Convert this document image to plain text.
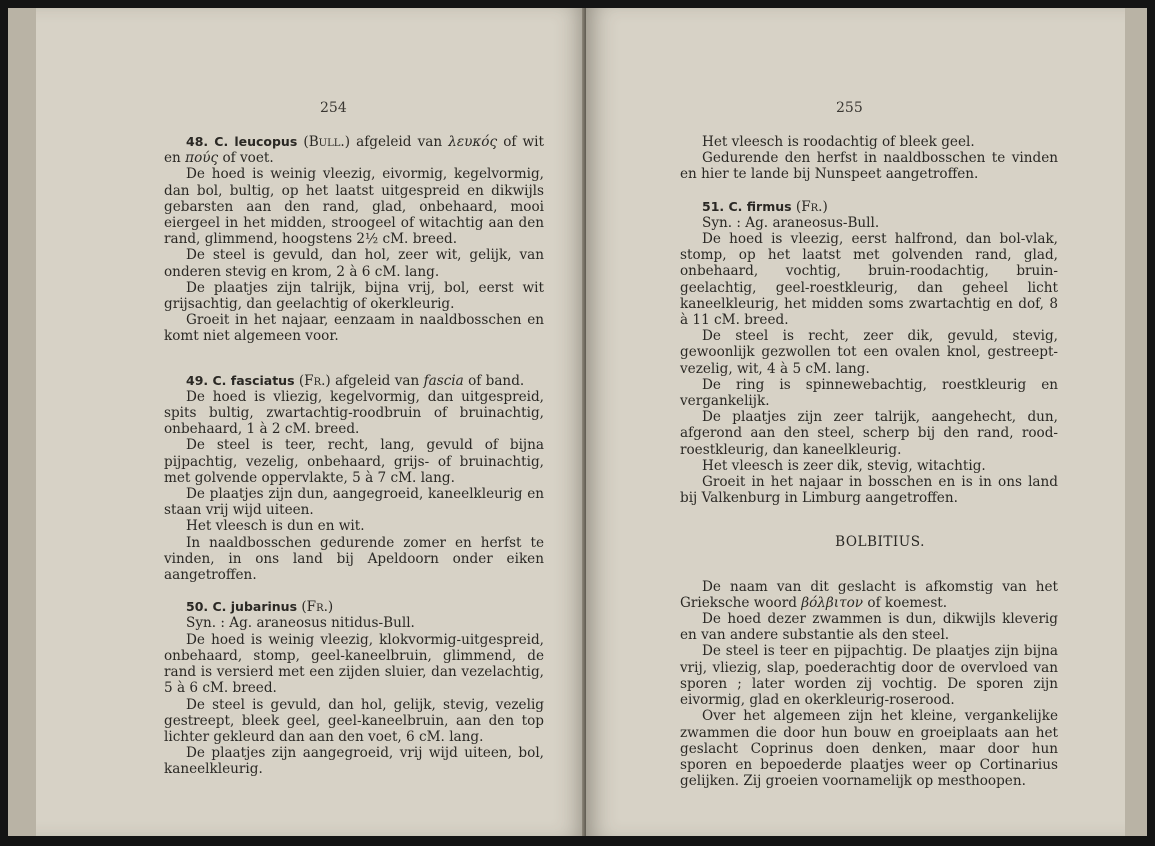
254

48. C. leucopus (Bull.) afgeleid van λευκός of wit en πούς of voet.

De hoed is weinig vleezig, eivormig, kegelvormig, dan bol, bultig, op het laatst uitgespreid en dikwijls gebarsten aan den rand, glad, onbehaard, mooi eiergeel in het midden, stroogeel of witachtig aan den rand, glimmend, hoogstens 2½ cM. breed.

De steel is gevuld, dan hol, zeer wit, gelijk, van onderen stevig en krom, 2 à 6 cM. lang.

De plaatjes zijn talrijk, bijna vrij, bol, eerst wit grijsachtig, dan geelachtig of okerkleurig.

Groeit in het najaar, eenzaam in naaldbosschen en komt niet algemeen voor.

49. C. fasciatus (Fr.) afgeleid van fascia of band.

De hoed is vliezig, kegelvormig, dan uitgespreid, spits bultig, zwartachtig-roodbruin of bruinachtig, onbehaard, 1 à 2 cM. breed.

De steel is teer, recht, lang, gevuld of bijna pijpachtig, vezelig, onbehaard, grijs- of bruinachtig, met golvende oppervlakte, 5 à 7 cM. lang.

De plaatjes zijn dun, aangegroeid, kaneelkleurig en staan vrij wijd uiteen.

Het vleesch is dun en wit.

In naaldbosschen gedurende zomer en herfst te vinden, in ons land bij Apeldoorn onder eiken aangetroffen.

50. C. jubarinus (Fr.)

Syn. : Ag. araneosus nitidus-Bull.

De hoed is weinig vleezig, klokvormig-uitgespreid, onbehaard, stomp, geel-kaneelbruin, glimmend, de rand is versierd met een zijden sluier, dan vezelachtig, 5 à 6 cM. breed.

De steel is gevuld, dan hol, gelijk, stevig, vezelig gestreept, bleek geel, geel-kaneelbruin, aan den top lichter gekleurd dan aan den voet, 6 cM. lang.

De plaatjes zijn aangegroeid, vrij wijd uiteen, bol, kaneelkleurig.

255

Het vleesch is roodachtig of bleek geel.

Gedurende den herfst in naaldbosschen te vinden en hier te lande bij Nunspeet aangetroffen.

51. C. firmus (Fr.)

Syn. : Ag. araneosus-Bull.

De hoed is vleezig, eerst halfrond, dan bol-vlak, stomp, op het laatst met golvenden rand, glad, onbehaard, vochtig, bruin-roodachtig, bruin-geelachtig, geel-roestkleurig, dan geheel licht kaneelkleurig, het midden soms zwartachtig en dof, 8 à 11 cM. breed.

De steel is recht, zeer dik, gevuld, stevig, gewoonlijk gezwollen tot een ovalen knol, gestreept-vezelig, wit, 4 à 5 cM. lang.

De ring is spinnewebachtig, roestkleurig en vergankelijk.

De plaatjes zijn zeer talrijk, aangehecht, dun, afgerond aan den steel, scherp bij den rand, rood-roestkleurig, dan kaneelkleurig.

Het vleesch is zeer dik, stevig, witachtig.

Groeit in het najaar in bosschen en is in ons land bij Valkenburg in Limburg aangetroffen.

BOLBITIUS.

De naam van dit geslacht is afkomstig van het Grieksche woord βόλβιτον of koemest.

De hoed dezer zwammen is dun, dikwijls kleverig en van andere substantie als den steel.

De steel is teer en pijpachtig. De plaatjes zijn bijna vrij, vliezig, slap, poederachtig door de overvloed van sporen ; later worden zij vochtig. De sporen zijn eivormig, glad en okerkleurig-roserood.

Over het algemeen zijn het kleine, vergankelijke zwammen die door hun bouw en groeiplaats aan het geslacht Coprinus doen denken, maar door hun sporen en bepoederde plaatjes weer op Cortinarius gelijken. Zij groeien voornamelijk op mesthoopen.
